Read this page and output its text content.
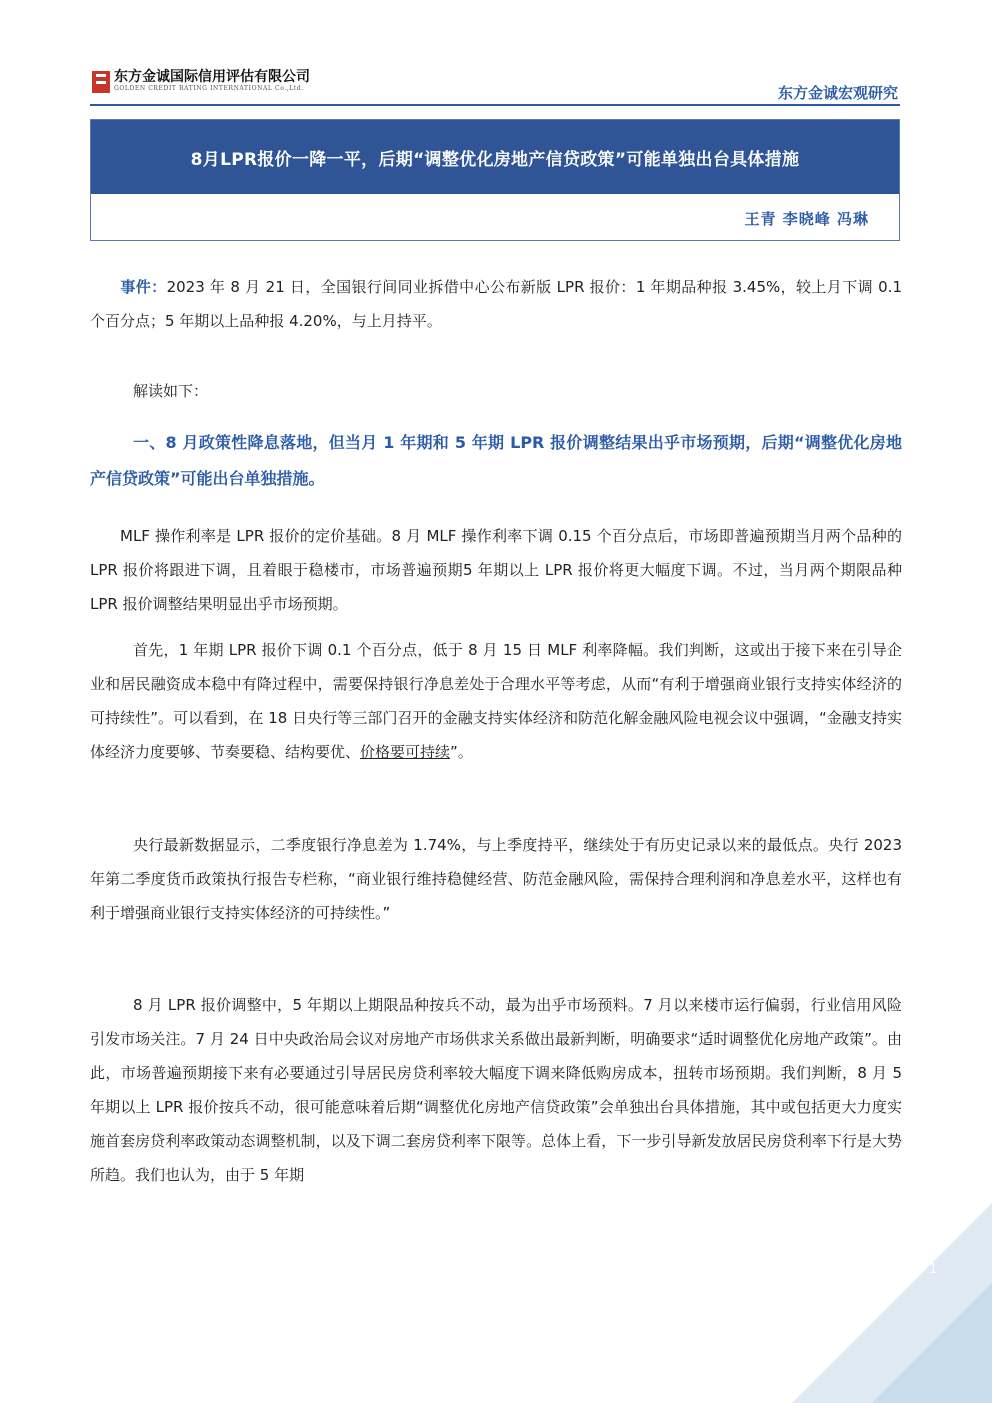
东方金诚国际信用评估有限公司
GOLDEN CREDIT RATING INTERNATIONAL Co.,Ltd.	东方金诚宏观研究
8月LPR报价一降一平，后期“调整优化房地产信贷政策”可能单独出台具体措施
王青 李晓峰 冯琳
事件：2023 年 8 月 21 日，全国银行间同业拆借中心公布新版 LPR 报价：1 年期品种报 3.45%，较上月下调 0.1 个百分点；5 年期以上品种报 4.20%，与上月持平。
解读如下：
一、8 月政策性降息落地，但当月 1 年期和 5 年期 LPR 报价调整结果出乎市场预期，后期“调整优化房地产信贷政策”可能出台单独措施。
MLF 操作利率是 LPR 报价的定价基础。8 月 MLF 操作利率下调 0.15 个百分点后，市场即普遍预期当月两个品种的 LPR 报价将跟进下调，且着眼于稳楼市，市场普遍预期5 年期以上 LPR 报价将更大幅度下调。不过，当月两个期限品种 LPR 报价调整结果明显出乎市场预期。
首先，1 年期 LPR 报价下调 0.1 个百分点，低于 8 月 15 日 MLF 利率降幅。我们判断，这或出于接下来在引导企业和居民融资成本稳中有降过程中，需要保持银行净息差处于合理水平等考虑，从而“有利于增强商业银行支持实体经济的可持续性”。可以看到，在 18 日央行等三部门召开的金融支持实体经济和防范化解金融风险电视会议中强调，“金融支持实体经济力度要够、节奏要稳、结构要优、价格要可持续”。
央行最新数据显示，二季度银行净息差为 1.74%，与上季度持平，继续处于有历史记录以来的最低点。央行 2023 年第二季度货币政策执行报告专栏称，“商业银行维持稳健经营、防范金融风险，需保持合理利润和净息差水平，这样也有利于增强商业银行支持实体经济的可持续性。”
8 月 LPR 报价调整中，5 年期以上期限品种按兵不动，最为出乎市场预料。7 月以来楼市运行偏弱，行业信用风险引发市场关注。7 月 24 日中央政治局会议对房地产市场供求关系做出最新判断，明确要求“适时调整优化房地产政策”。由此，市场普遍预期接下来有必要通过引导居民房贷利率较大幅度下调来降低购房成本，扭转市场预期。我们判断，8 月 5 年期以上 LPR 报价按兵不动，很可能意味着后期“调整优化房地产信贷政策”会单独出台具体措施，其中或包括更大力度实施首套房贷利率政策动态调整机制，以及下调二套房贷利率下限等。总体上看，下一步引导新发放居民房贷利率下行是大势所趋。我们也认为，由于 5 年期
1
